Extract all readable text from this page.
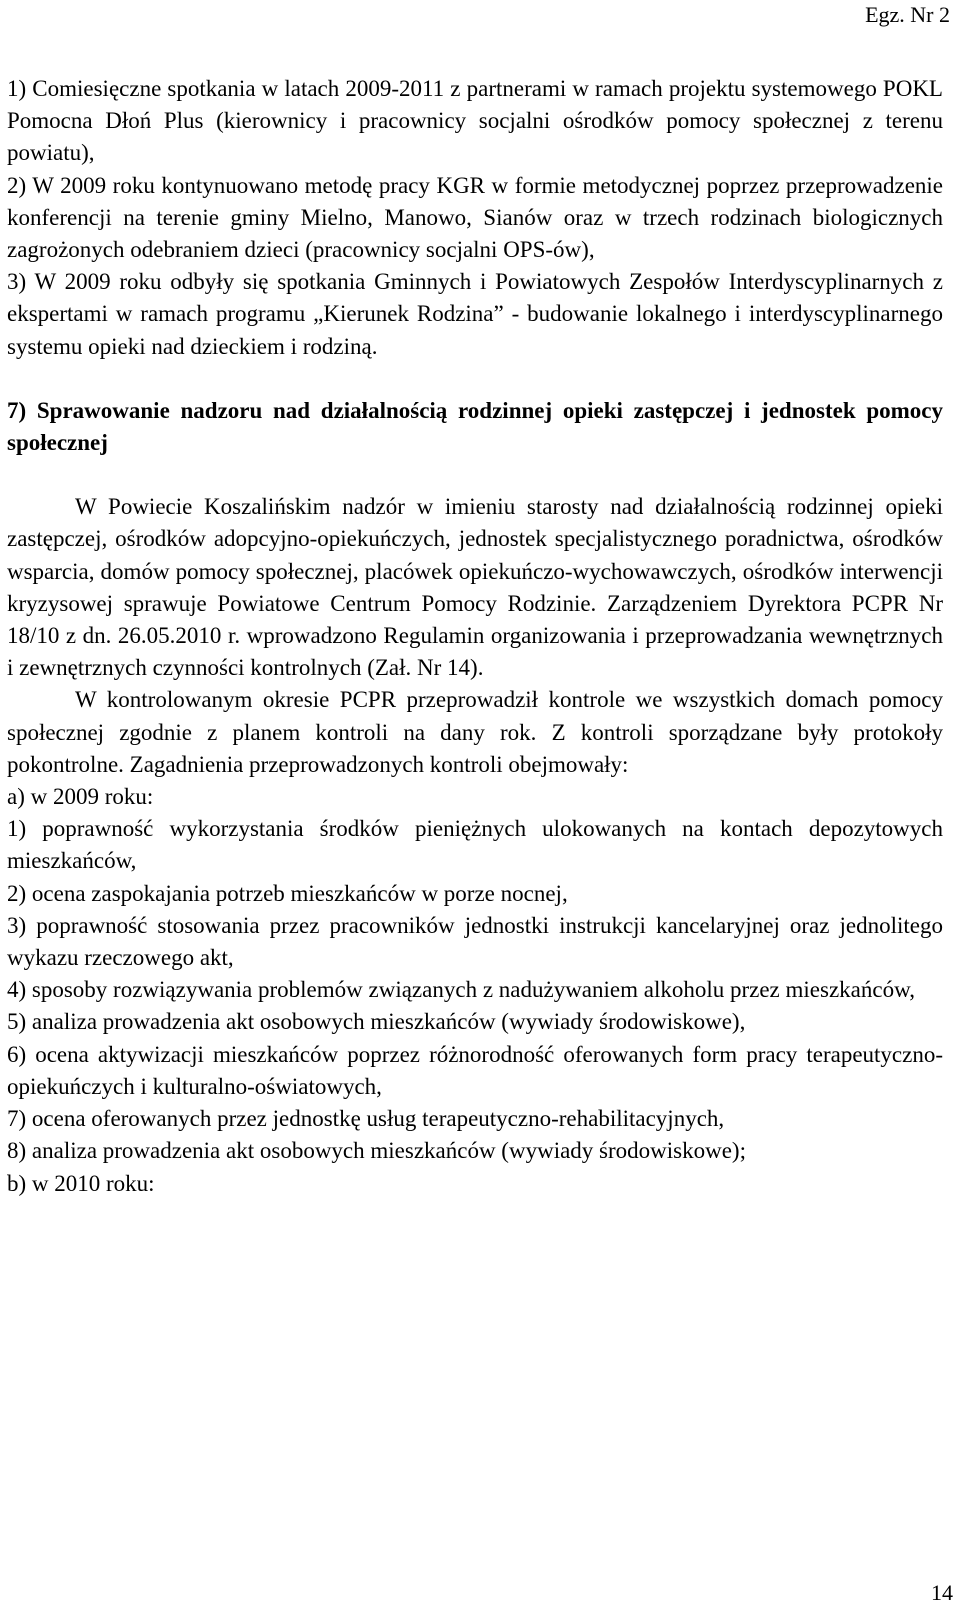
Egz. Nr 2

1) Comiesięczne spotkania w latach 2009-2011 z partnerami w ramach projektu systemowego POKL Pomocna Dłoń Plus (kierownicy i pracownicy socjalni ośrodków pomocy społecznej z terenu powiatu),

2) W 2009 roku kontynuowano metodę pracy KGR w formie metodycznej poprzez przeprowadzenie konferencji na terenie gminy Mielno, Manowo, Sianów oraz w trzech rodzinach biologicznych zagrożonych odebraniem dzieci (pracownicy socjalni OPS-ów),

3) W 2009 roku odbyły się spotkania Gminnych i Powiatowych Zespołów Interdyscyplinarnych z ekspertami w ramach programu „Kierunek Rodzina” - budowanie lokalnego i interdyscyplinarnego systemu opieki nad dzieckiem i rodziną.

7) Sprawowanie nadzoru nad działalnością rodzinnej opieki zastępczej i jednostek pomocy społecznej

W Powiecie Koszalińskim nadzór w imieniu starosty nad działalnością rodzinnej opieki zastępczej, ośrodków adopcyjno-opiekuńczych, jednostek specjalistycznego poradnictwa, ośrodków wsparcia, domów pomocy społecznej, placówek opiekuńczo-wychowawczych, ośrodków interwencji kryzysowej sprawuje Powiatowe Centrum Pomocy Rodzinie. Zarządzeniem Dyrektora PCPR Nr 18/10 z dn. 26.05.2010 r. wprowadzono Regulamin organizowania i przeprowadzania wewnętrznych i zewnętrznych czynności kontrolnych (Zał. Nr 14).

W kontrolowanym okresie PCPR przeprowadził kontrole we wszystkich domach pomocy społecznej zgodnie z planem kontroli na dany rok. Z kontroli sporządzane były protokoły pokontrolne. Zagadnienia przeprowadzonych kontroli obejmowały:

a) w 2009 roku:

1) poprawność wykorzystania środków pieniężnych ulokowanych na kontach depozytowych mieszkańców,

2) ocena zaspokajania potrzeb mieszkańców w porze nocnej,

3) poprawność stosowania przez pracowników jednostki instrukcji kancelaryjnej oraz jednolitego wykazu rzeczowego akt,

4) sposoby rozwiązywania problemów związanych z nadużywaniem alkoholu przez mieszkańców,

5) analiza prowadzenia akt osobowych mieszkańców (wywiady środowiskowe),

6) ocena aktywizacji mieszkańców poprzez różnorodność oferowanych form pracy terapeutyczno-opiekuńczych i kulturalno-oświatowych,

7) ocena oferowanych przez jednostkę usług terapeutyczno-rehabilitacyjnych,

8) analiza prowadzenia akt osobowych mieszkańców (wywiady środowiskowe);

b) w 2010 roku:

14
